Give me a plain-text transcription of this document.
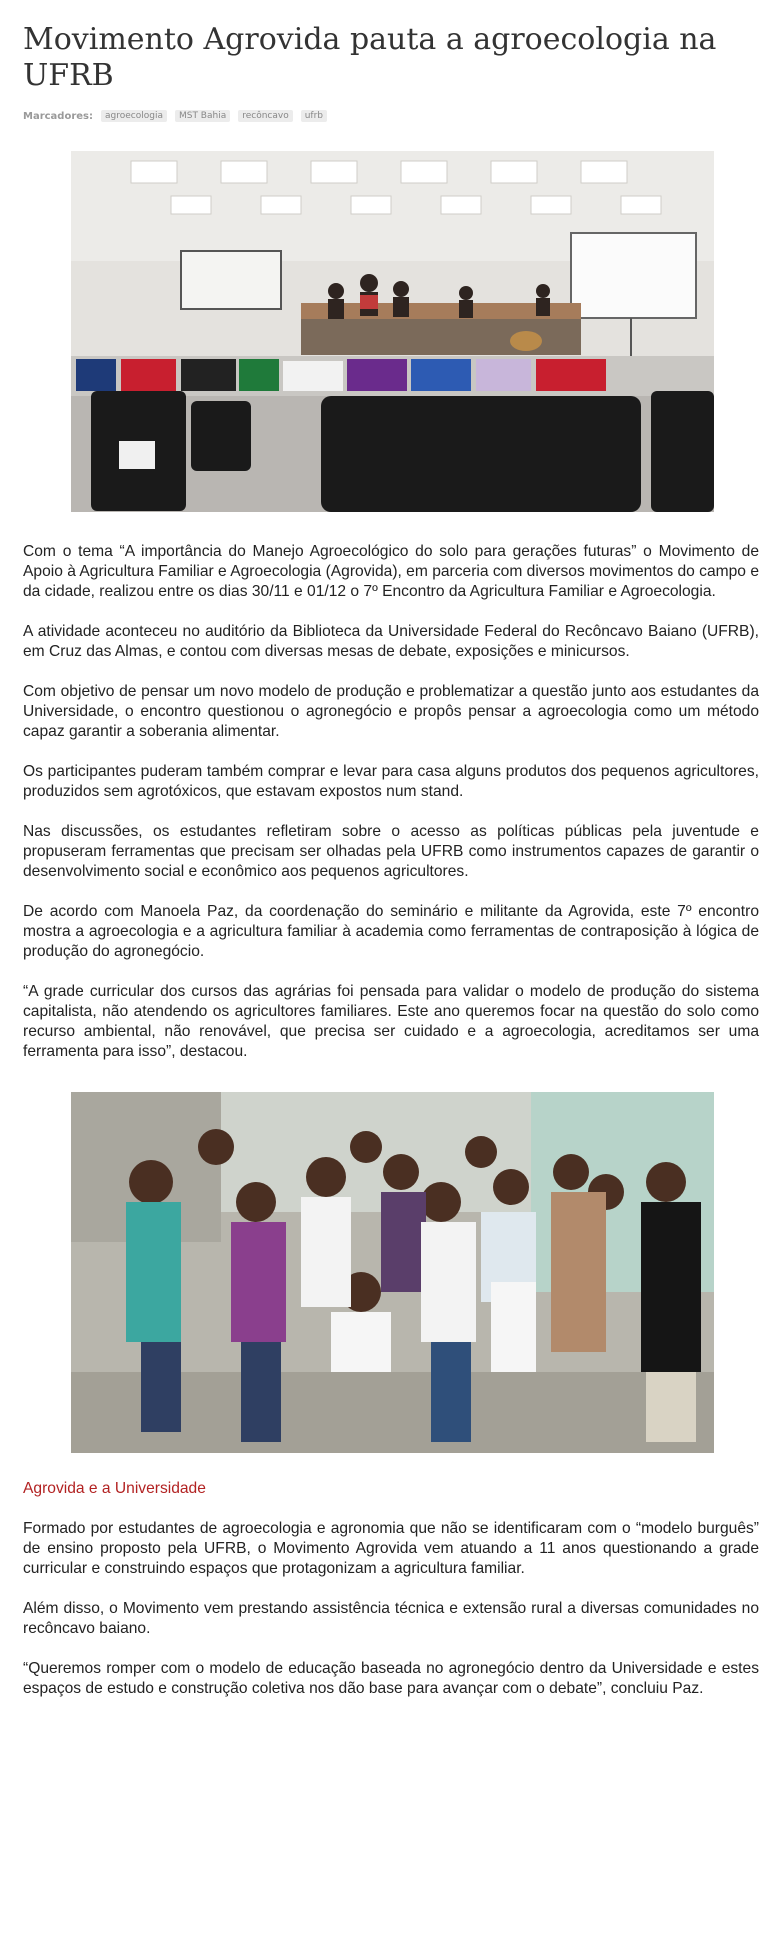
Movimento Agrovida pauta a agroecologia na UFRB
Marcadores:	agroecologia	MST Bahia	recôncavo	ufrb

Com o tema “A importância do Manejo Agroecológico do solo para gerações futuras” o Movimento de Apoio à Agricultura Familiar e Agroecologia (Agrovida), em parceria com diversos movimentos do campo e da cidade, realizou entre os dias 30/11 e 01/12 o 7º Encontro da Agricultura Familiar e Agroecologia.

A atividade aconteceu no auditório da Biblioteca da Universidade Federal do Recôncavo Baiano (UFRB), em Cruz das Almas, e contou com diversas mesas de debate, exposições e minicursos.

Com objetivo de pensar um novo modelo de produção e problematizar a questão junto aos estudantes da Universidade, o encontro questionou o agronegócio e propôs pensar a agroecologia como um método capaz garantir a soberania alimentar.

Os participantes puderam também comprar e levar para casa alguns produtos dos pequenos agricultores, produzidos sem agrotóxicos, que estavam expostos num stand.

Nas discussões, os estudantes refletiram sobre o acesso as políticas públicas pela juventude e propuseram ferramentas que precisam ser olhadas pela UFRB como instrumentos capazes de garantir o desenvolvimento social e econômico aos pequenos agricultores.

De acordo com Manoela Paz, da coordenação do seminário e militante da Agrovida, este 7º encontro mostra a agroecologia e a agricultura familiar à academia como ferramentas de contraposição à lógica de produção do agronegócio.

“A grade curricular dos cursos das agrárias foi pensada para validar o modelo de produção do sistema capitalista, não atendendo os agricultores familiares. Este ano queremos focar na questão do solo como recurso ambiental, não renovável, que precisa ser cuidado e a agroecologia, acreditamos ser uma ferramenta para isso”, destacou.

Agrovida e a Universidade

Formado por estudantes de agroecologia e agronomia que não se identificaram com o “modelo burguês” de ensino proposto pela UFRB, o Movimento Agrovida vem atuando a 11 anos questionando a grade curricular e construindo espaços que protagonizam a agricultura familiar.

Além disso, o Movimento vem prestando assistência técnica e extensão rural a diversas comunidades no recôncavo baiano.

“Queremos romper com o modelo de educação baseada no agronegócio dentro da Universidade e estes espaços de estudo e construção coletiva nos dão base para avançar com o debate”, concluiu Paz.
